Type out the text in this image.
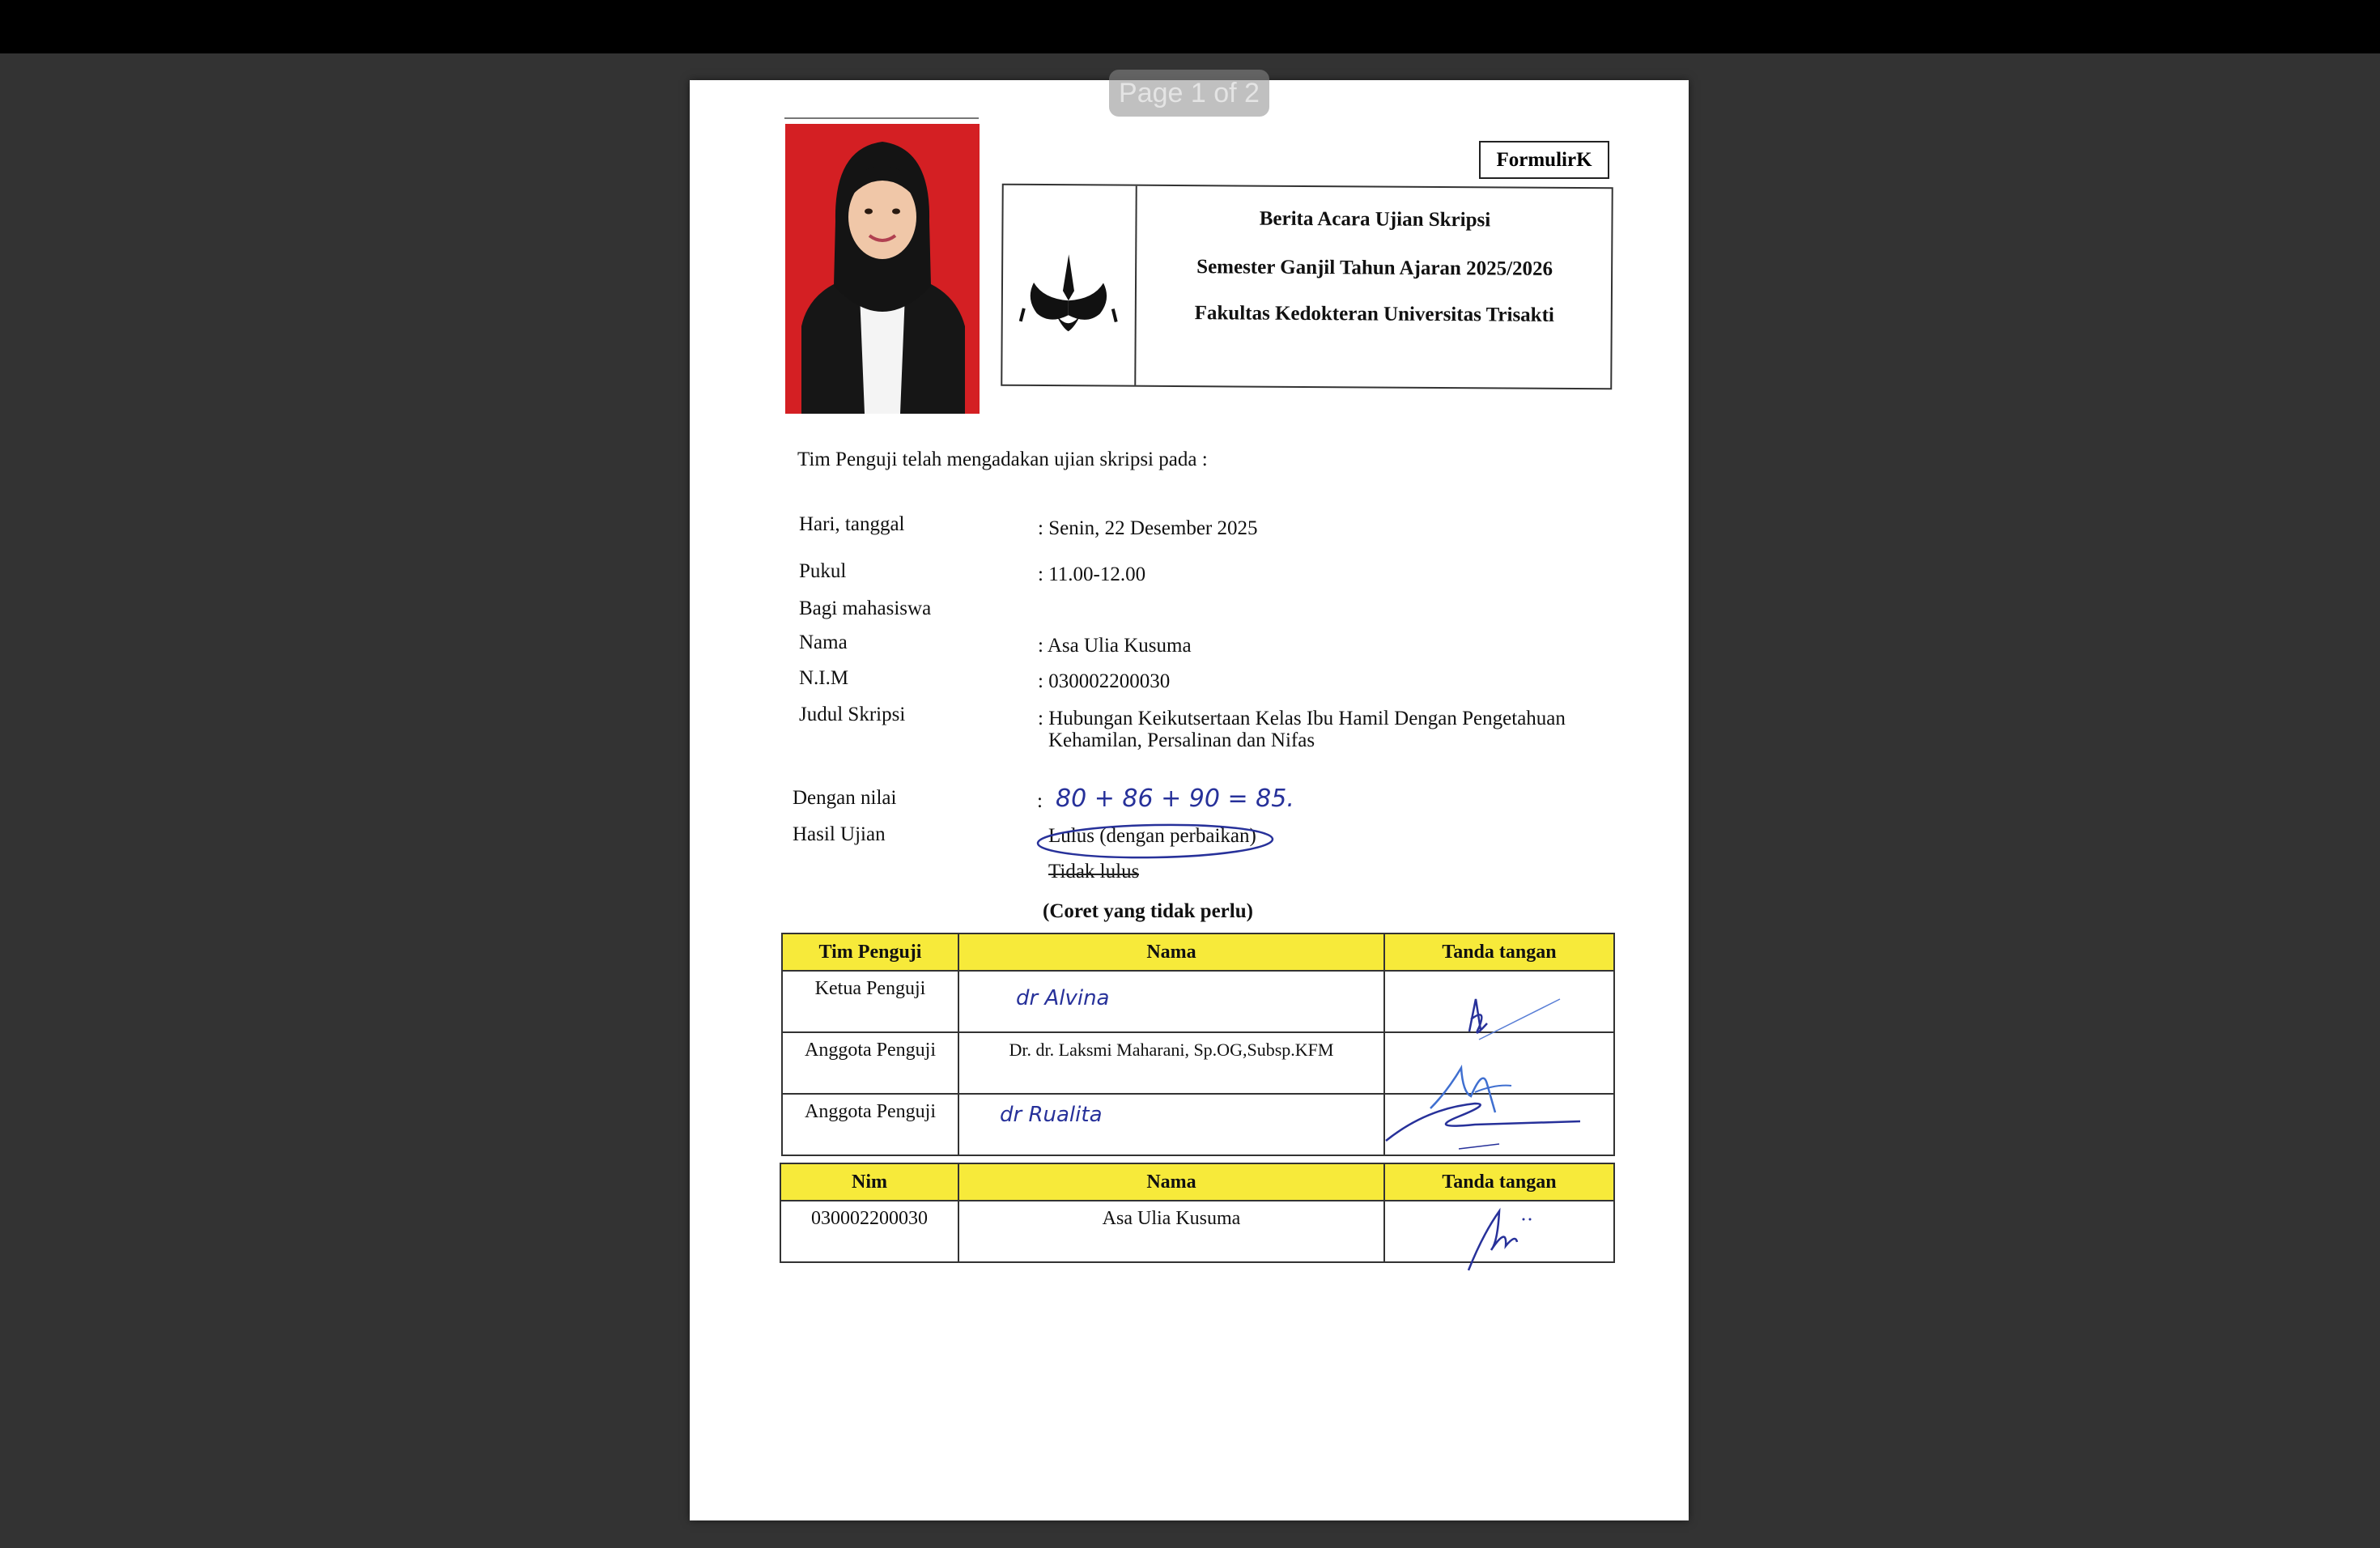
Page 1 of 2
FormulirK
Berita Acara Ujian Skripsi
Semester Ganjil Tahun Ajaran 2025/2026
Fakultas Kedokteran Universitas Trisakti
Tim Penguji telah mengadakan ujian skripsi pada :
Hari, tanggal	: Senin, 22 Desember 2025
Pukul	: 11.00-12.00
Bagi mahasiswa
Nama	: Asa Ulia Kusuma
N.I.M	: 030002200030
Judul Skripsi	: Hubungan Keikutsertaan Kelas Ibu Hamil Dengan Pengetahuan
Kehamilan, Persalinan dan Nifas
Dengan nilai	: 80 + 86 + 90 = 85.
Hasil Ujian	Lulus (dengan perbaikan)
Tidak lulus
(Coret yang tidak perlu)
Tim Penguji	Nama	Tanda tangan

Ketua Penguji	dr Alvina	

Anggota Penguji	Dr. dr. Laksmi Maharani, Sp.OG,Subsp.KFM	

Anggota Penguji	dr Rualita	

Nim	Nama	Tanda tangan

030002200030	Asa Ulia Kusuma	
